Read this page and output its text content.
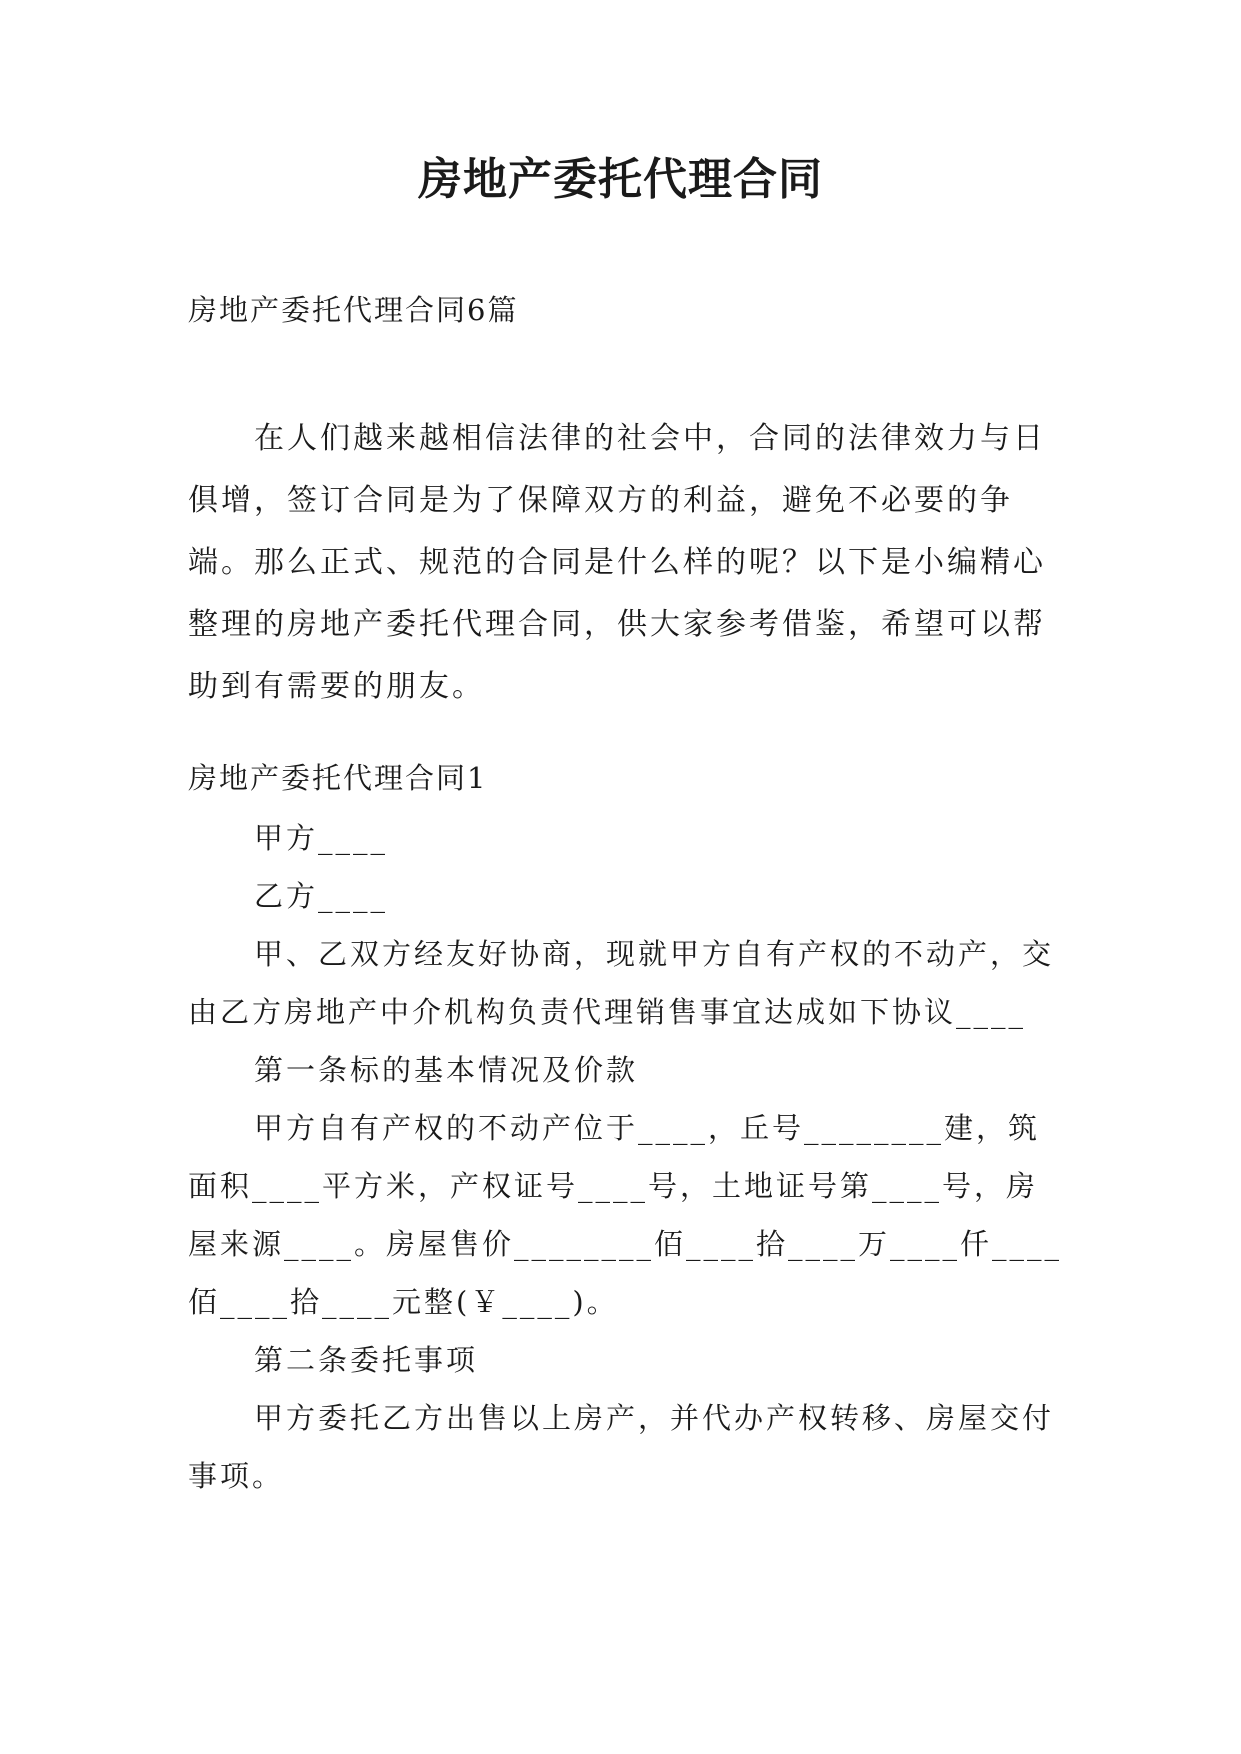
房地产委托代理合同
房地产委托代理合同6篇

在人们越来越相信法律的社会中，合同的法律效力与日俱增，签订合同是为了保障双方的利益，避免不必要的争端。那么正式、规范的合同是什么样的呢？以下是小编精心整理的房地产委托代理合同，供大家参考借鉴，希望可以帮助到有需要的朋友。

房地产委托代理合同1

甲方____

乙方____

甲、乙双方经友好协商，现就甲方自有产权的不动产，交由乙方房地产中介机构负责代理销售事宜达成如下协议____

第一条标的基本情况及价款

甲方自有产权的不动产位于____，丘号________建，筑面积____平方米，产权证号____号，土地证号第____号，房屋来源____。房屋售价________佰____拾____万____仟____佰____拾____元整(￥____)。

第二条委托事项

甲方委托乙方出售以上房产，并代办产权转移、房屋交付事项。
